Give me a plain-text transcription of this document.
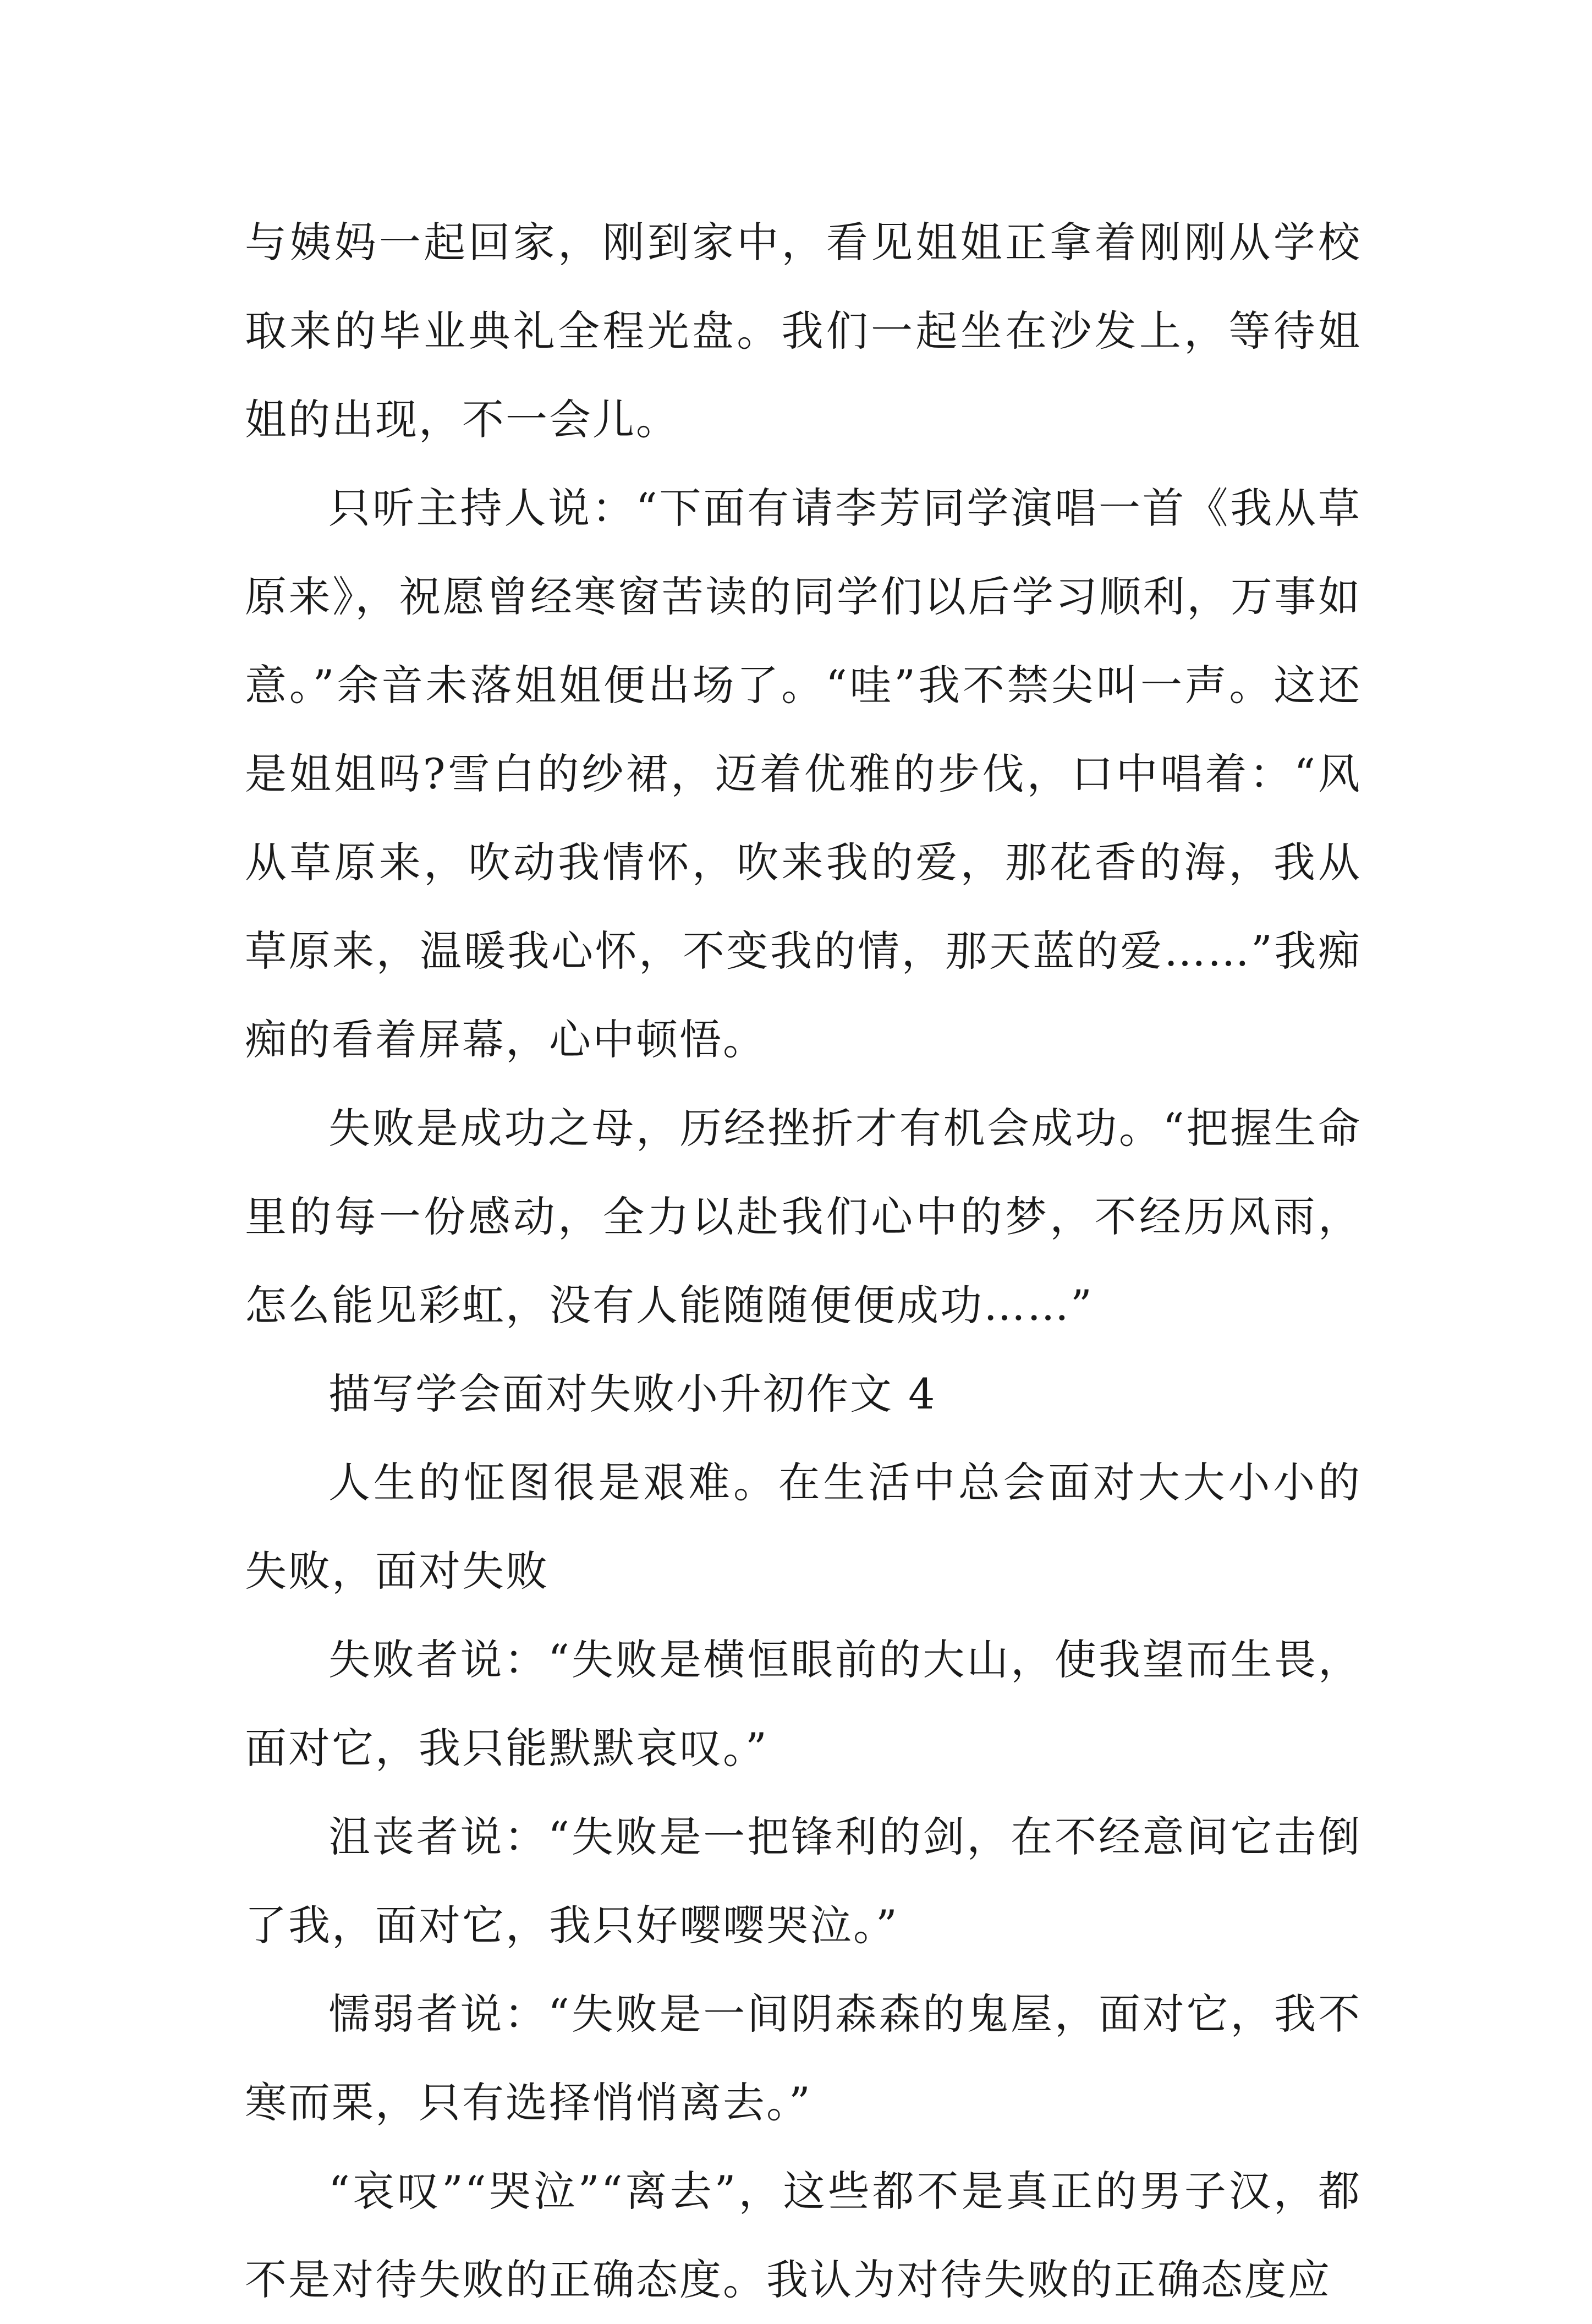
与姨妈一起回家，刚到家中，看见姐姐正拿着刚刚从学校取来的毕业典礼全程光盘。我们一起坐在沙发上，等待姐姐的出现，不一会儿。

只听主持人说：“下面有请李芳同学演唱一首《我从草原来》，祝愿曾经寒窗苦读的同学们以后学习顺利，万事如意。”余音未落姐姐便出场了。“哇”我不禁尖叫一声。这还是姐姐吗?雪白的纱裙，迈着优雅的步伐，口中唱着：“风从草原来，吹动我情怀，吹来我的爱，那花香的海，我从草原来，温暖我心怀，不变我的情，那天蓝的爱……”我痴痴的看着屏幕，心中顿悟。

失败是成功之母，历经挫折才有机会成功。“把握生命里的每一份感动，全力以赴我们心中的梦，不经历风雨，怎么能见彩虹，没有人能随随便便成功……”

描写学会面对失败小升初作文 4

人生的怔图很是艰难。在生活中总会面对大大小小的失败，面对失败

失败者说：“失败是横恒眼前的大山，使我望而生畏，面对它，我只能默默哀叹。”

沮丧者说：“失败是一把锋利的剑，在不经意间它击倒了我，面对它，我只好嘤嘤哭泣。”

懦弱者说：“失败是一间阴森森的鬼屋，面对它，我不寒而栗，只有选择悄悄离去。”

“哀叹”“哭泣”“离去”，这些都不是真正的男子汉，都不是对待失败的正确态度。我认为对待失败的正确态度应
